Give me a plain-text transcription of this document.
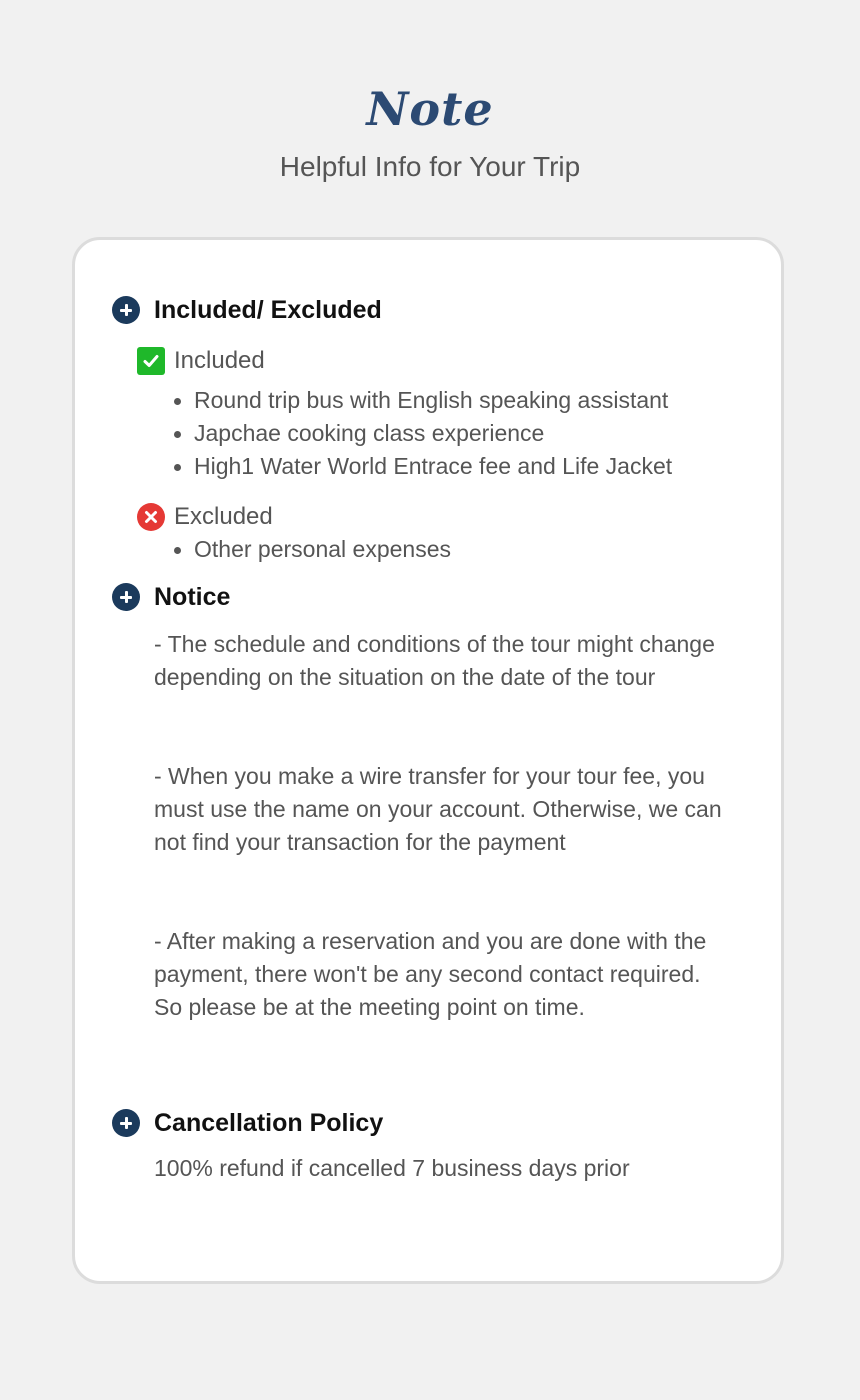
Note
Helpful Info for Your Trip
Included/ Excluded
Included
Round trip bus with English speaking assistant
Japchae cooking class experience
High1 Water World Entrace fee and Life Jacket
Excluded
Other personal expenses
Notice

- The schedule and conditions of the tour might change depending on the situation on the date of the tour

- When you make a wire transfer for your tour fee, you must use the name on your account. Otherwise, we can not find your transaction for the payment

- After making a reservation and you are done with the payment, there won't be any second contact required. So please be at the meeting point on time.

Cancellation Policy

100% refund if cancelled 7 business days prior
